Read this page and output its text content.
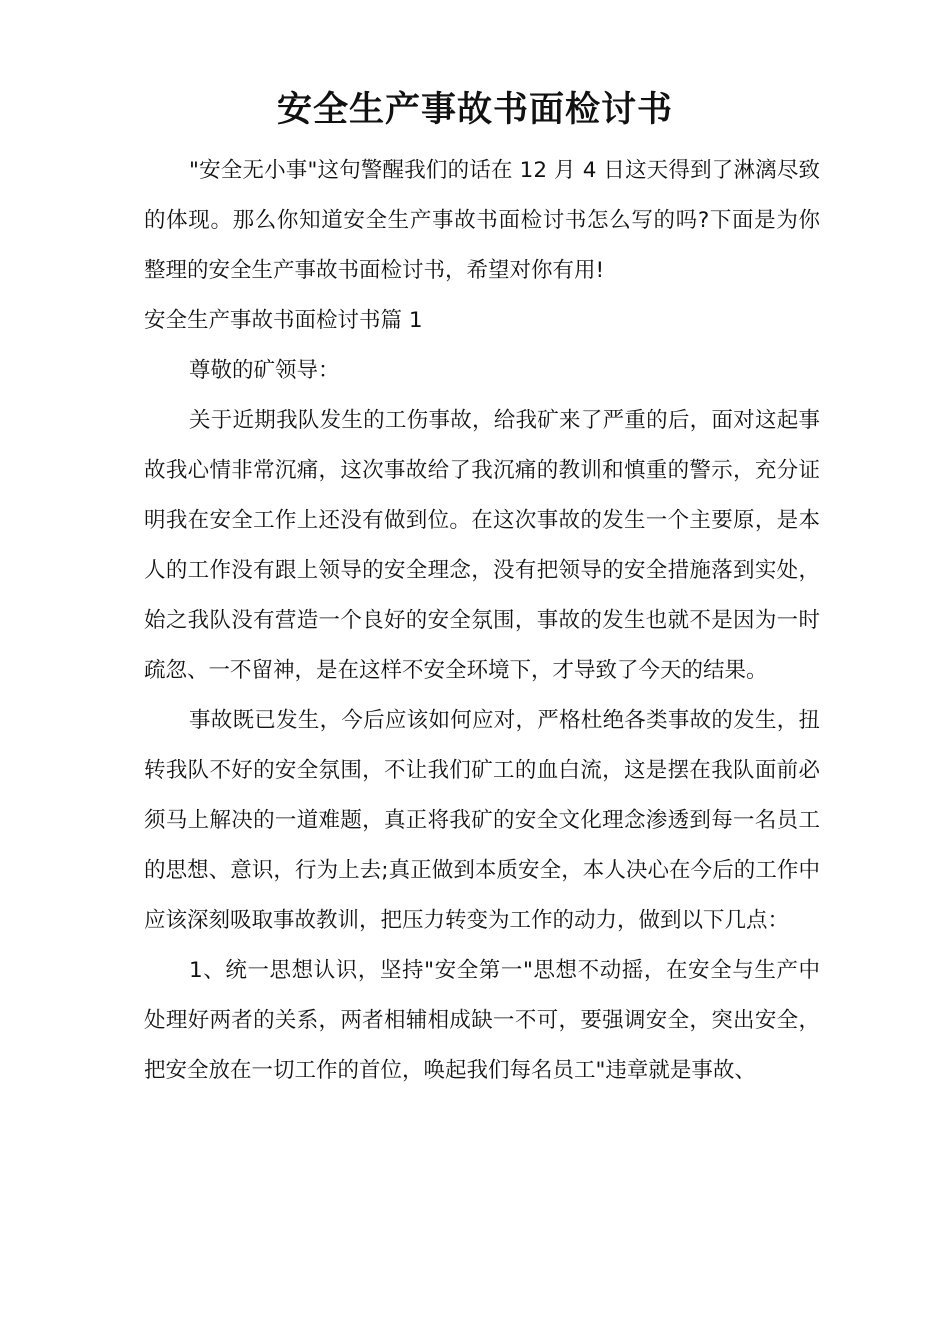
安全生产事故书面检讨书

"安全无小事"这句警醒我们的话在 12 月 4 日这天得到了淋漓尽致的体现。那么你知道安全生产事故书面检讨书怎么写的吗?下面是为你整理的安全生产事故书面检讨书，希望对你有用!

安全生产事故书面检讨书篇 1

尊敬的矿领导：

关于近期我队发生的工伤事故，给我矿来了严重的后，面对这起事故我心情非常沉痛，这次事故给了我沉痛的教训和慎重的警示，充分证明我在安全工作上还没有做到位。在这次事故的发生一个主要原，是本人的工作没有跟上领导的安全理念，没有把领导的安全措施落到实处，始之我队没有营造一个良好的安全氛围，事故的发生也就不是因为一时疏忽、一不留神，是在这样不安全环境下，才导致了今天的结果。

事故既已发生，今后应该如何应对，严格杜绝各类事故的发生，扭转我队不好的安全氛围，不让我们矿工的血白流，这是摆在我队面前必须马上解决的一道难题，真正将我矿的安全文化理念渗透到每一名员工的思想、意识，行为上去;真正做到本质安全，本人决心在今后的工作中应该深刻吸取事故教训，把压力转变为工作的动力，做到以下几点：

1、统一思想认识，坚持"安全第一"思想不动摇，在安全与生产中处理好两者的关系，两者相辅相成缺一不可，要强调安全，突出安全，把安全放在一切工作的首位，唤起我们每名员工"违章就是事故、
